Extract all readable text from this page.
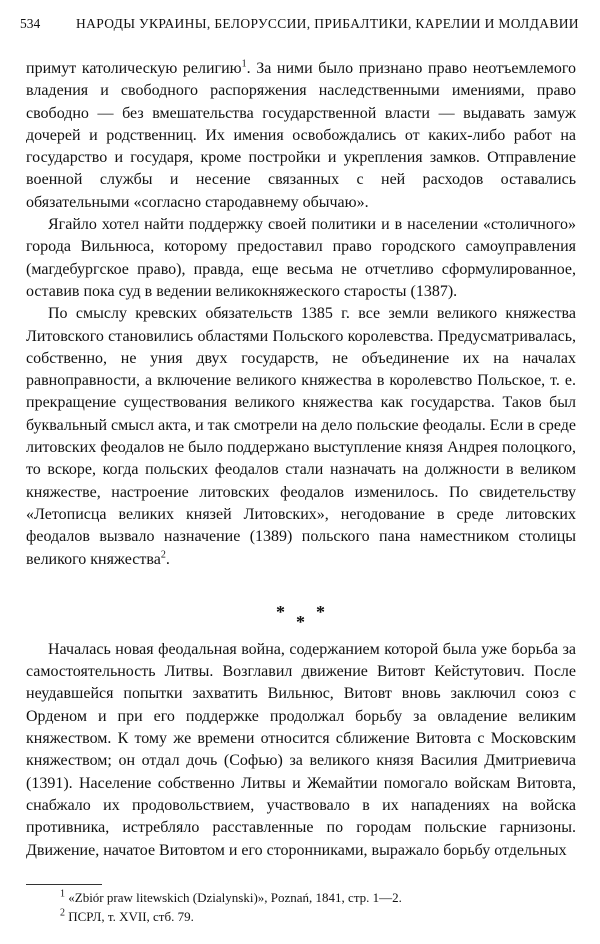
534	НАРОДЫ УКРАИНЫ, БЕЛОРУССИИ, ПРИБАЛТИКИ, КАРЕЛИИ И МОЛДАВИИ

примут католическую религию$^1$. За ними было признано право неотъемлемого владения и свободного распоряжения наследственными имениями, право свободно — без вмешательства государственной власти — выдавать замуж дочерей и родственниц. Их имения освобождались от каких-либо работ на государство и государя, кроме постройки и укрепления замков. Отправление военной службы и несение связанных с ней расходов оставались обязательными «согласно стародавнему обычаю».

Ягайло хотел найти поддержку своей политики и в населении «столичного» города Вильнюса, которому предоставил право городского самоуправления (магдебургское право), правда, еще весьма не отчетливо сформулированное, оставив пока суд в ведении великокняжеского старосты (1387).

По смыслу кревских обязательств 1385 г. все земли великого княжества Литовского становились областями Польского королевства. Предусматривалась, собственно, не уния двух государств, не объединение их на началах равноправности, а включение великого княжества в королевство Польское, т. е. прекращение существования великого княжества как государства. Таков был буквальный смысл акта, и так смотрели на дело польские феодалы. Если в среде литовских феодалов не было поддержано выступление князя Андрея полоцкого, то вскоре, когда польских феодалов стали назначать на должности в великом княжестве, настроение литовских феодалов изменилось. По свидетельству «Летописца великих князей Литовских», негодование в среде литовских феодалов вызвало назначение (1389) польского пана наместником столицы великого княжества$^2$.

Началась новая феодальная война, содержанием которой была уже борьба за самостоятельность Литвы. Возглавил движение Витовт Кейстутович. После неудавшейся попытки захватить Вильнюс, Витовт вновь заключил союз с Орденом и при его поддержке продолжал борьбу за овладение великим княжеством. К тому же времени относится сближение Витовта с Московским княжеством; он отдал дочь (Софью) за великого князя Василия Дмитриевича (1391). Население собственно Литвы и Жемайтии помогало войскам Витовта, снабжало их продовольствием, участвовало в их нападениях на войска противника, истребляло расставленные по городам польские гарнизоны. Движение, начатое Витовтом и его сторонниками, выражало борьбу отдельных

* * *
$^1$ «Zbiór praw litewskich (Dzialynski)», Poznań, 1841, стр. 1—2.
$^2$ ПСРЛ, т. XVII, стб. 79.
